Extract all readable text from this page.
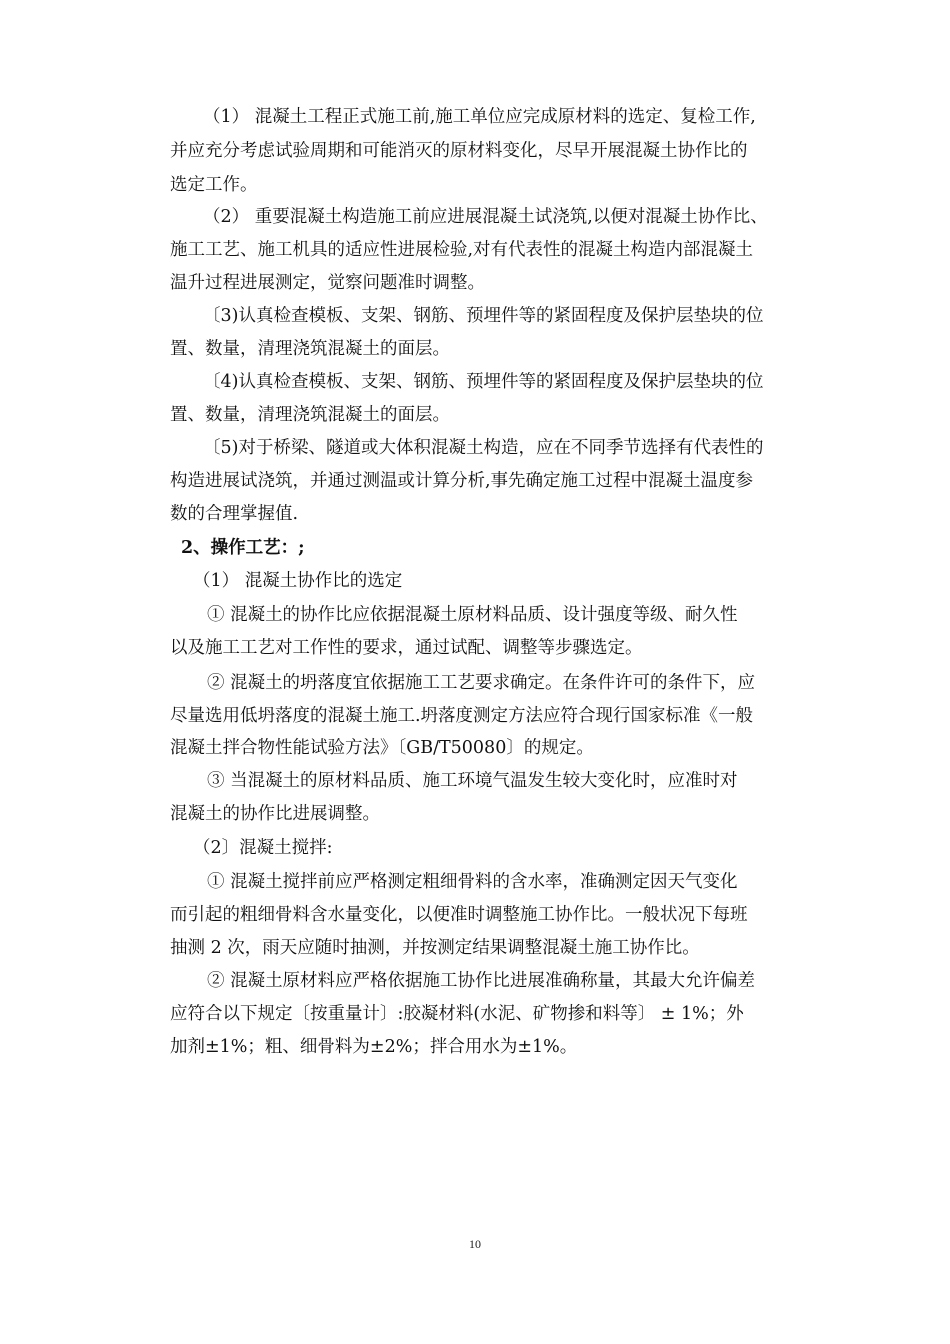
（1） 混凝土工程正式施工前,施工单位应完成原材料的选定、复检工作,
并应充分考虑试验周期和可能消灭的原材料变化，尽早开展混凝土协作比的
选定工作。
（2） 重要混凝土构造施工前应进展混凝土试浇筑,以便对混凝土协作比、
施工工艺、施工机具的适应性进展检验,对有代表性的混凝土构造内部混凝土
温升过程进展测定，觉察问题准时调整。
〔3)认真检查模板、支架、钢筋、预埋件等的紧固程度及保护层垫块的位
置、数量，清理浇筑混凝土的面层。
〔4)认真检查模板、支架、钢筋、预埋件等的紧固程度及保护层垫块的位
置、数量，清理浇筑混凝土的面层。
〔5)对于桥梁、隧道或大体积混凝土构造，应在不同季节选择有代表性的
构造进展试浇筑，并通过测温或计算分析,事先确定施工过程中混凝土温度参
数的合理掌握值.
2、操作工艺：;
（1） 混凝土协作比的选定
① 混凝土的协作比应依据混凝土原材料品质、设计强度等级、耐久性
以及施工工艺对工作性的要求，通过试配、调整等步骤选定。
② 混凝土的坍落度宜依据施工工艺要求确定。在条件许可的条件下，应
尽量选用低坍落度的混凝土施工.坍落度测定方法应符合现行国家标准《一般
混凝土拌合物性能试验方法》〔GB/T50080〕的规定。
③ 当混凝土的原材料品质、施工环境气温发生较大变化时，应准时对
混凝土的协作比进展调整。
（2〕混凝土搅拌:
① 混凝土搅拌前应严格测定粗细骨料的含水率，准确测定因天气变化
而引起的粗细骨料含水量变化，以便准时调整施工协作比。一般状况下每班
抽测 2 次，雨天应随时抽测，并按测定结果调整混凝土施工协作比。
② 混凝土原材料应严格依据施工协作比进展准确称量，其最大允许偏差
应符合以下规定〔按重量计〕:胶凝材料(水泥、矿物掺和料等〕 ± 1%；外
加剂±1%；粗、细骨料为±2%；拌合用水为±1%。
10
